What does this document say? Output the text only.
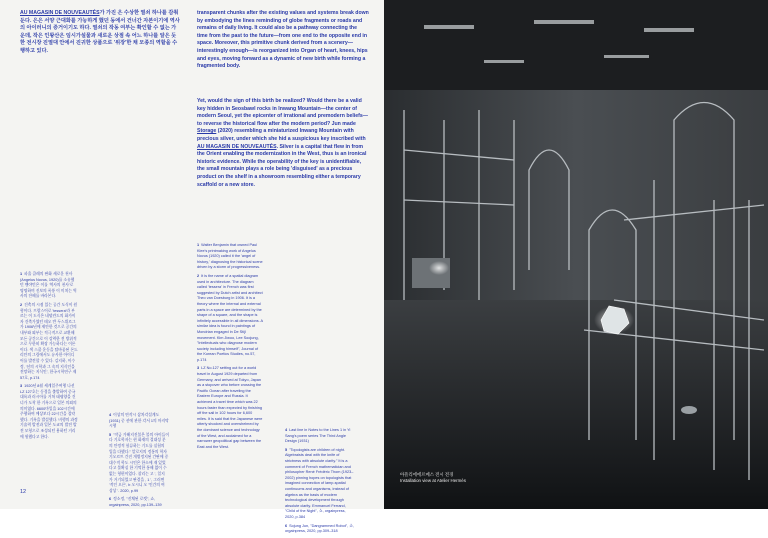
AU MAGASIN DE NOUVEAUTÉS가 가진 은 수상한 열쇠 하나를 감춰둔다. 은은 서양 근대화를 가능하게 했던 동에서 건너간 자본이기에 역사의 아이러니의 증거이기도 하다. 열쇠의 작동 여부는 확인할 수 없는 가운데, 작은 인왕산은 임시가설물과 새로운 상점 속 어느 하나를 알은 듯한 전시장 진열대 안에서 진귀한 상품으로 '위장'한 채 모종의 역할을 수행하고 있다.
transparent chunks after the existing values and systems break down by embodying the lines reminding of globe fragments or roads and remains of daily living. It could also be a pathway connecting the time from the past to the future—from one end to the opposite end in space. Moreover, this primitive chunk derived from a scenery—interestingly enough—is reorganized into Organ of heart, knees, hips and eyes, moving forward as a dynamic of new birth while forming a fragmented body.
Yet, would the sign of this birth be realized? Would there be a valid key hidden in Seosbawl rocks in Inwang Mountain—the center of modern Seoul, yet the epicenter of irrational and premodern beliefs—to reverse the historical flow after the modern period? Jun made Storage (2020) resembling a miniaturized Inwang Mountain with precious silver, under which she hid a suspicious key inscribed with AU MAGASIN DE NOUVEAUTÉS. Silver is a capital that flew in from the Orient enabling the modernization in the West, thus is an ironical historic evidence. While the operability of the key is unidentifiable, the small mountain plays a role being 'disguised' as a precious product on the shelf in a showroom resembling either a temporary scaffold or a new store.

1 파울 클레의 판화 새로운 천사(Angelus Novus, 1920)를 소유했던 벤야민은 이를 '역사의 천사'로 명명하며 진보의 폭풍 이 미치는 역사의 잔해를 바라본다.

2 건축의 시점 있는 공간 도식이 원형이다. 프랑스어로 'tessera'라 부르는 이 도식은 네덜란드의 화가이자 건축가였던 테오 반 두스뷔르그가 1906년에 제안한 것으로 공간의 내부와 외부는 적극적으로 교환해 모든 공간으로 이 강력한 전 방위적으로 무한히 확장 가능하다는 이론이다. 색 스쿨 운동을 탈바꿈된 몬드리안의 그림에서도 유사한 아이디어를 발견할 수 있다. 김지하, 이수정, '선의 시학과 그 속의 지식인을 전망하는 지식인', 한국시학연구 제57호, p.174

3 1920년 8월 세계일주여행 나선 LZ 127호는 동경을 출발하여 중국대륙과 러시아를 거쳐 태평양을 건너가 도착 한 기록으로 일본 의외의 의미였다. 6600마일을 102시간에 주행하여 예상보다 22시간을 절약했다. 기록을 발설했다. 비행의 과정 기술력 발전과 일본 도쿄의 발전 발전 모형으로 조성되던 용하던 거리에 원했다고 한다.

4 이상의 연작시 삼차각설계도(1931) 중 선에 관한 각서 1의 마지막 시행

5 "작금 가해지진불은 불의 아이들이다 기호학자는 현 화재의 절대성 분의 안정적 함류하는 기도를 실험의 입을 다했다." 알로지의 정통의 학자 기오르트 간진 개별정지된 간판에 중 대수적 학도 시인은 한소에 재 있었다고 불확실 한 기억한 통해 없이 수 없는 형편이었다. 찰리는 고 ', 일지 가 거기되었고 판결을 , 1 ', 그러면 '적인 오른', b 오시니 오 '인간의 여 상상 '. 2020, p.99

6 정소정, "진채된 로켓", 쇼, orgainpress, 2020, pp.139–139

1 Walter Benjamin that owned Paul Klee's printmaking work of Angelus Novus (1920) called it the 'angel of history,' diagnosing the historical scene driven by a storm of progressiveness.

2 It is the name of a spatial diagram used in architecture. The diagram called 'tessera' in French was first suggested by Dutch artist and architect Theo van Doesburg in 1906. It is a theory where the internal and external parts in a space are determined by the shape of a square, and the shape is infinitely accessible in all dimensions. A similar idea is found in paintings of Mondrian engaged in De Stijl movement. Kim Jiwoo, Lee Soojung, "Intellectuals who diagnose modern society including himself", Journal of the Korean Poetics Studies, no.57, p.174

3 LZ No.127 setting out for a world travel in August 1929 departed from Germany, and arrived at Tokyo, Japan as a stopover who before crossing the Pacific Ocean after traveling the Eastern Europe and Russia. It achieved a travel time which was 22 hours faster than expected by finishing off the sail in 102 hours for 6,600 miles. It is said that the Japanese were utterly shocked and overwhelmed by the dominant science and technology of the West, and acclaimed for a narrower geopolitical gap between the East and the West.

4 Last line in Notes to the Lines 1 in Yi Sang's poem series The Third Angle Design (1931)

5 "Topologists are children of night. Algebraists deal with the knife of strictness with absolute clarity." It is a comment of French mathematician and philosopher René Frédéric Thom (1923–2002) pinning hopes on topologists that imagined connection of lamp-spatial continuums and organisms, instead of algebra as the basis of modern technological development through absolute clarity. Emmanuel Ferrand, "Child of the Night", 쇼, orgainpress, 2020, p.384

6 Sojung Jun, "Dangrammed Robot", 쇼, orgainpress, 2020, pp.309–318

12
아뜰리에에르메스 전시 전경
Installation view at Atelier Hermès
